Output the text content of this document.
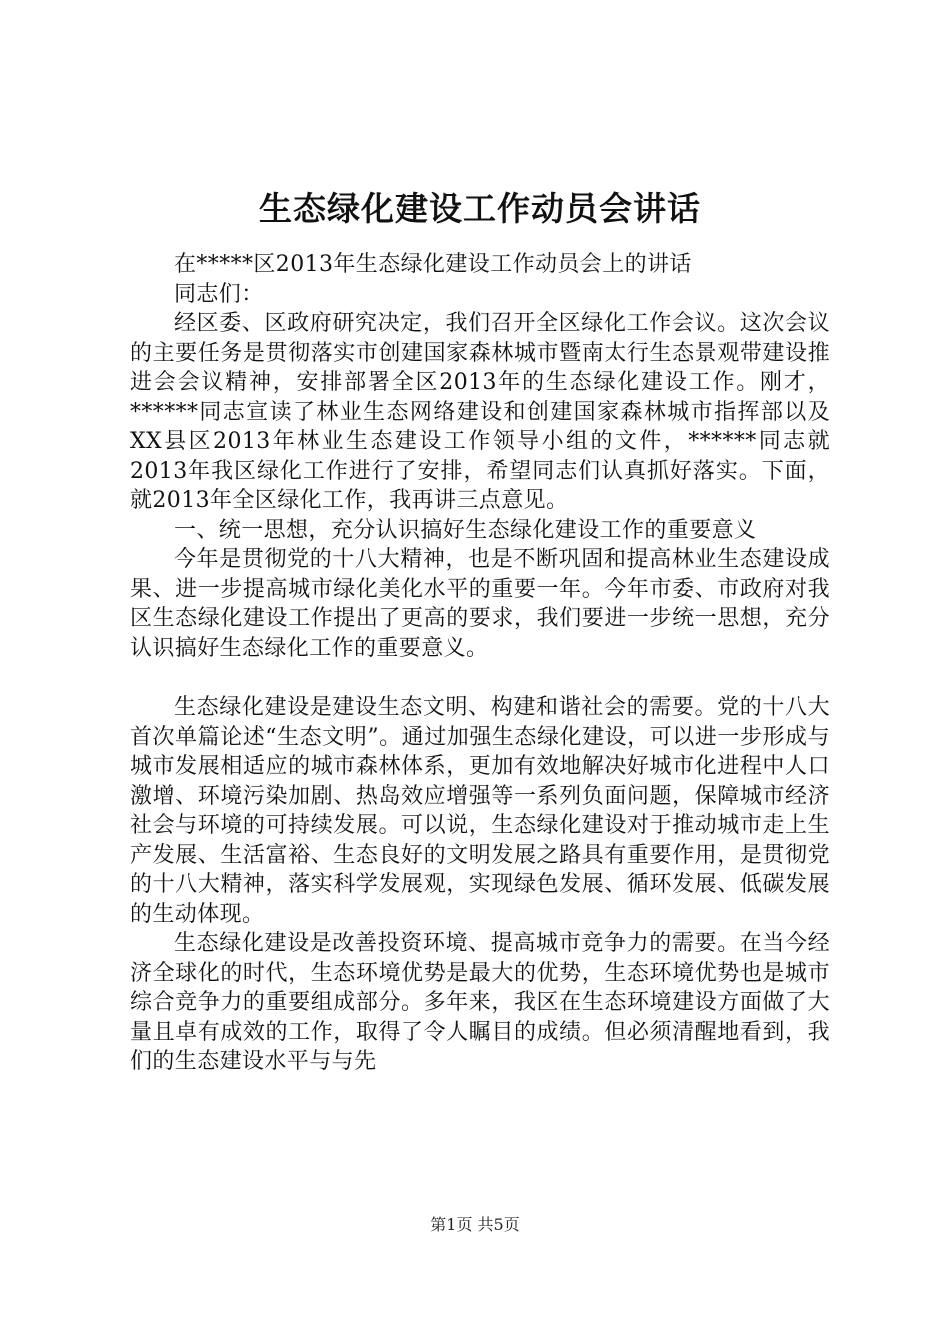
生态绿化建设工作动员会讲话

在*****区2013年生态绿化建设工作动员会上的讲话

同志们：

经区委、区政府研究决定，我们召开全区绿化工作会议。这次会议的主要任务是贯彻落实市创建国家森林城市暨南太行生态景观带建设推进会会议精神，安排部署全区2013年的生态绿化建设工作。刚才，******同志宣读了林业生态网络建设和创建国家森林城市指挥部以及XX县区2013年林业生态建设工作领导小组的文件，******同志就2013年我区绿化工作进行了安排，希望同志们认真抓好落实。下面，就2013年全区绿化工作，我再讲三点意见。

一、统一思想，充分认识搞好生态绿化建设工作的重要意义

今年是贯彻党的十八大精神，也是不断巩固和提高林业生态建设成果、进一步提高城市绿化美化水平的重要一年。今年市委、市政府对我区生态绿化建设工作提出了更高的要求，我们要进一步统一思想，充分认识搞好生态绿化工作的重要意义。

生态绿化建设是建设生态文明、构建和谐社会的需要。党的十八大首次单篇论述“生态文明”。通过加强生态绿化建设，可以进一步形成与城市发展相适应的城市森林体系，更加有效地解决好城市化进程中人口激增、环境污染加剧、热岛效应增强等一系列负面问题，保障城市经济社会与环境的可持续发展。可以说，生态绿化建设对于推动城市走上生产发展、生活富裕、生态良好的文明发展之路具有重要作用，是贯彻党的十八大精神，落实科学发展观，实现绿色发展、循环发展、低碳发展的生动体现。

生态绿化建设是改善投资环境、提高城市竞争力的需要。在当今经济全球化的时代，生态环境优势是最大的优势，生态环境优势也是城市综合竞争力的重要组成部分。多年来，我区在生态环境建设方面做了大量且卓有成效的工作，取得了令人瞩目的成绩。但必须清醒地看到，我们的生态建设水平与与先

第1页 共5页
